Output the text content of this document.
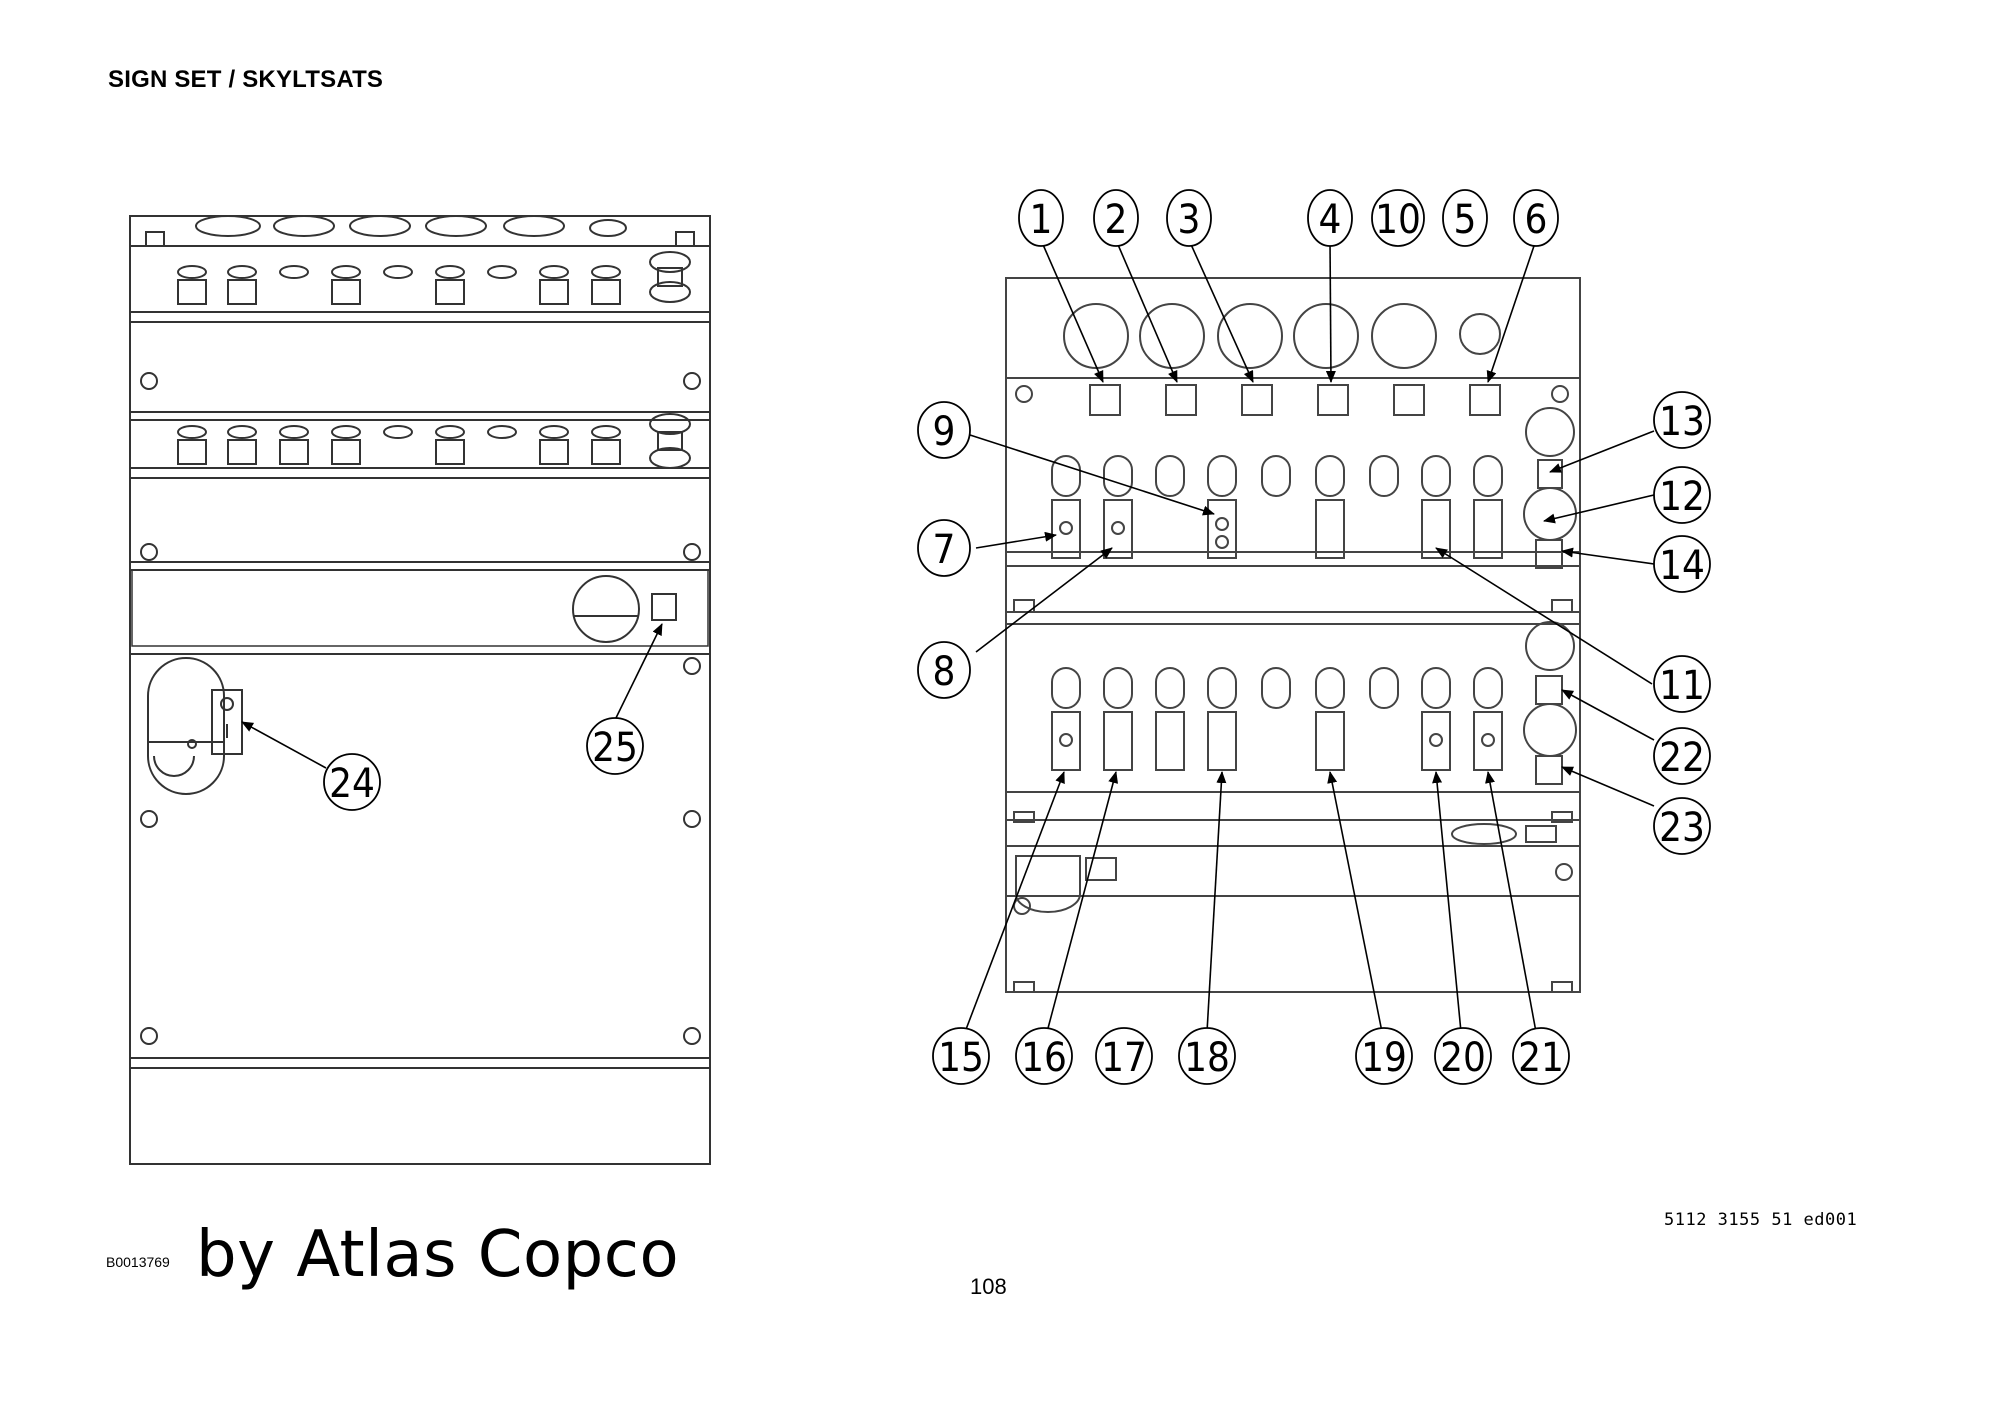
SIGN SET / SKYLTSATS
1 2 3	4 10 5 6
9
7
8
13
12
14
11
22
23
15 16 17 18	19 20 21
24
25
B0013769 by Atlas Copco	108
5112 3155 51 ed001
